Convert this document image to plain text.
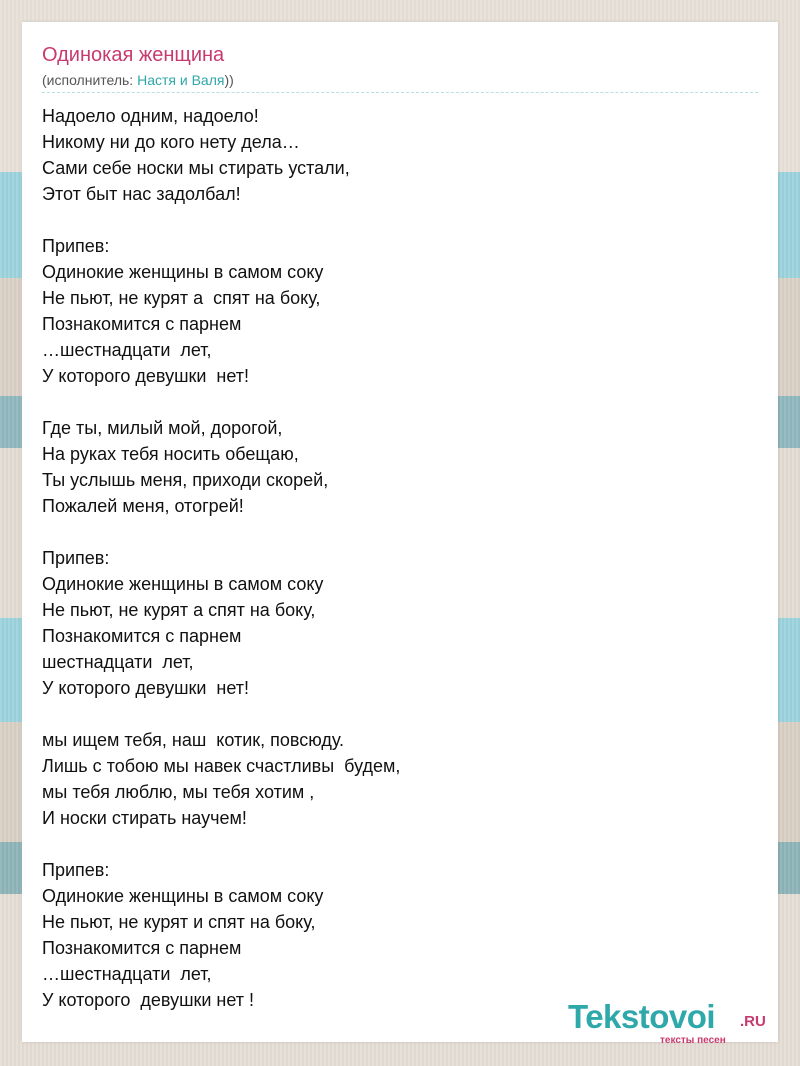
Одинокая женщина
(исполнитель: Настя и Валя))
Надоело одним, надоело!
Никому ни до кого нету дела…
Сами себе носки мы стирать устали,
Этот быт нас задолбал!
Припев:
Одинокие женщины в самом соку
Не пьют, не курят а  спят на боку,
Познакомится с парнем
…шестнадцати  лет,
У которого девушки  нет!
Где ты, милый мой, дорогой,
На руках тебя носить обещаю,
Ты услышь меня, приходи скорей,
Пожалей меня, отогрей!
Припев:
Одинокие женщины в самом соку
Не пьют, не курят а спят на боку,
Познакомится с парнем
шестнадцати  лет,
У которого девушки  нет!
мы ищем тебя, наш  котик, повсюду.
Лишь с тобою мы навек счастливы  будем,
мы тебя люблю, мы тебя хотим ,
И носки стирать научем!
Припев:
Одинокие женщины в самом соку
Не пьют, не курят и спят на боку,
Познакомится с парнем
…шестнадцати  лет,
У которого  девушки нет !	Tekstovoi .RU
тексты песен
